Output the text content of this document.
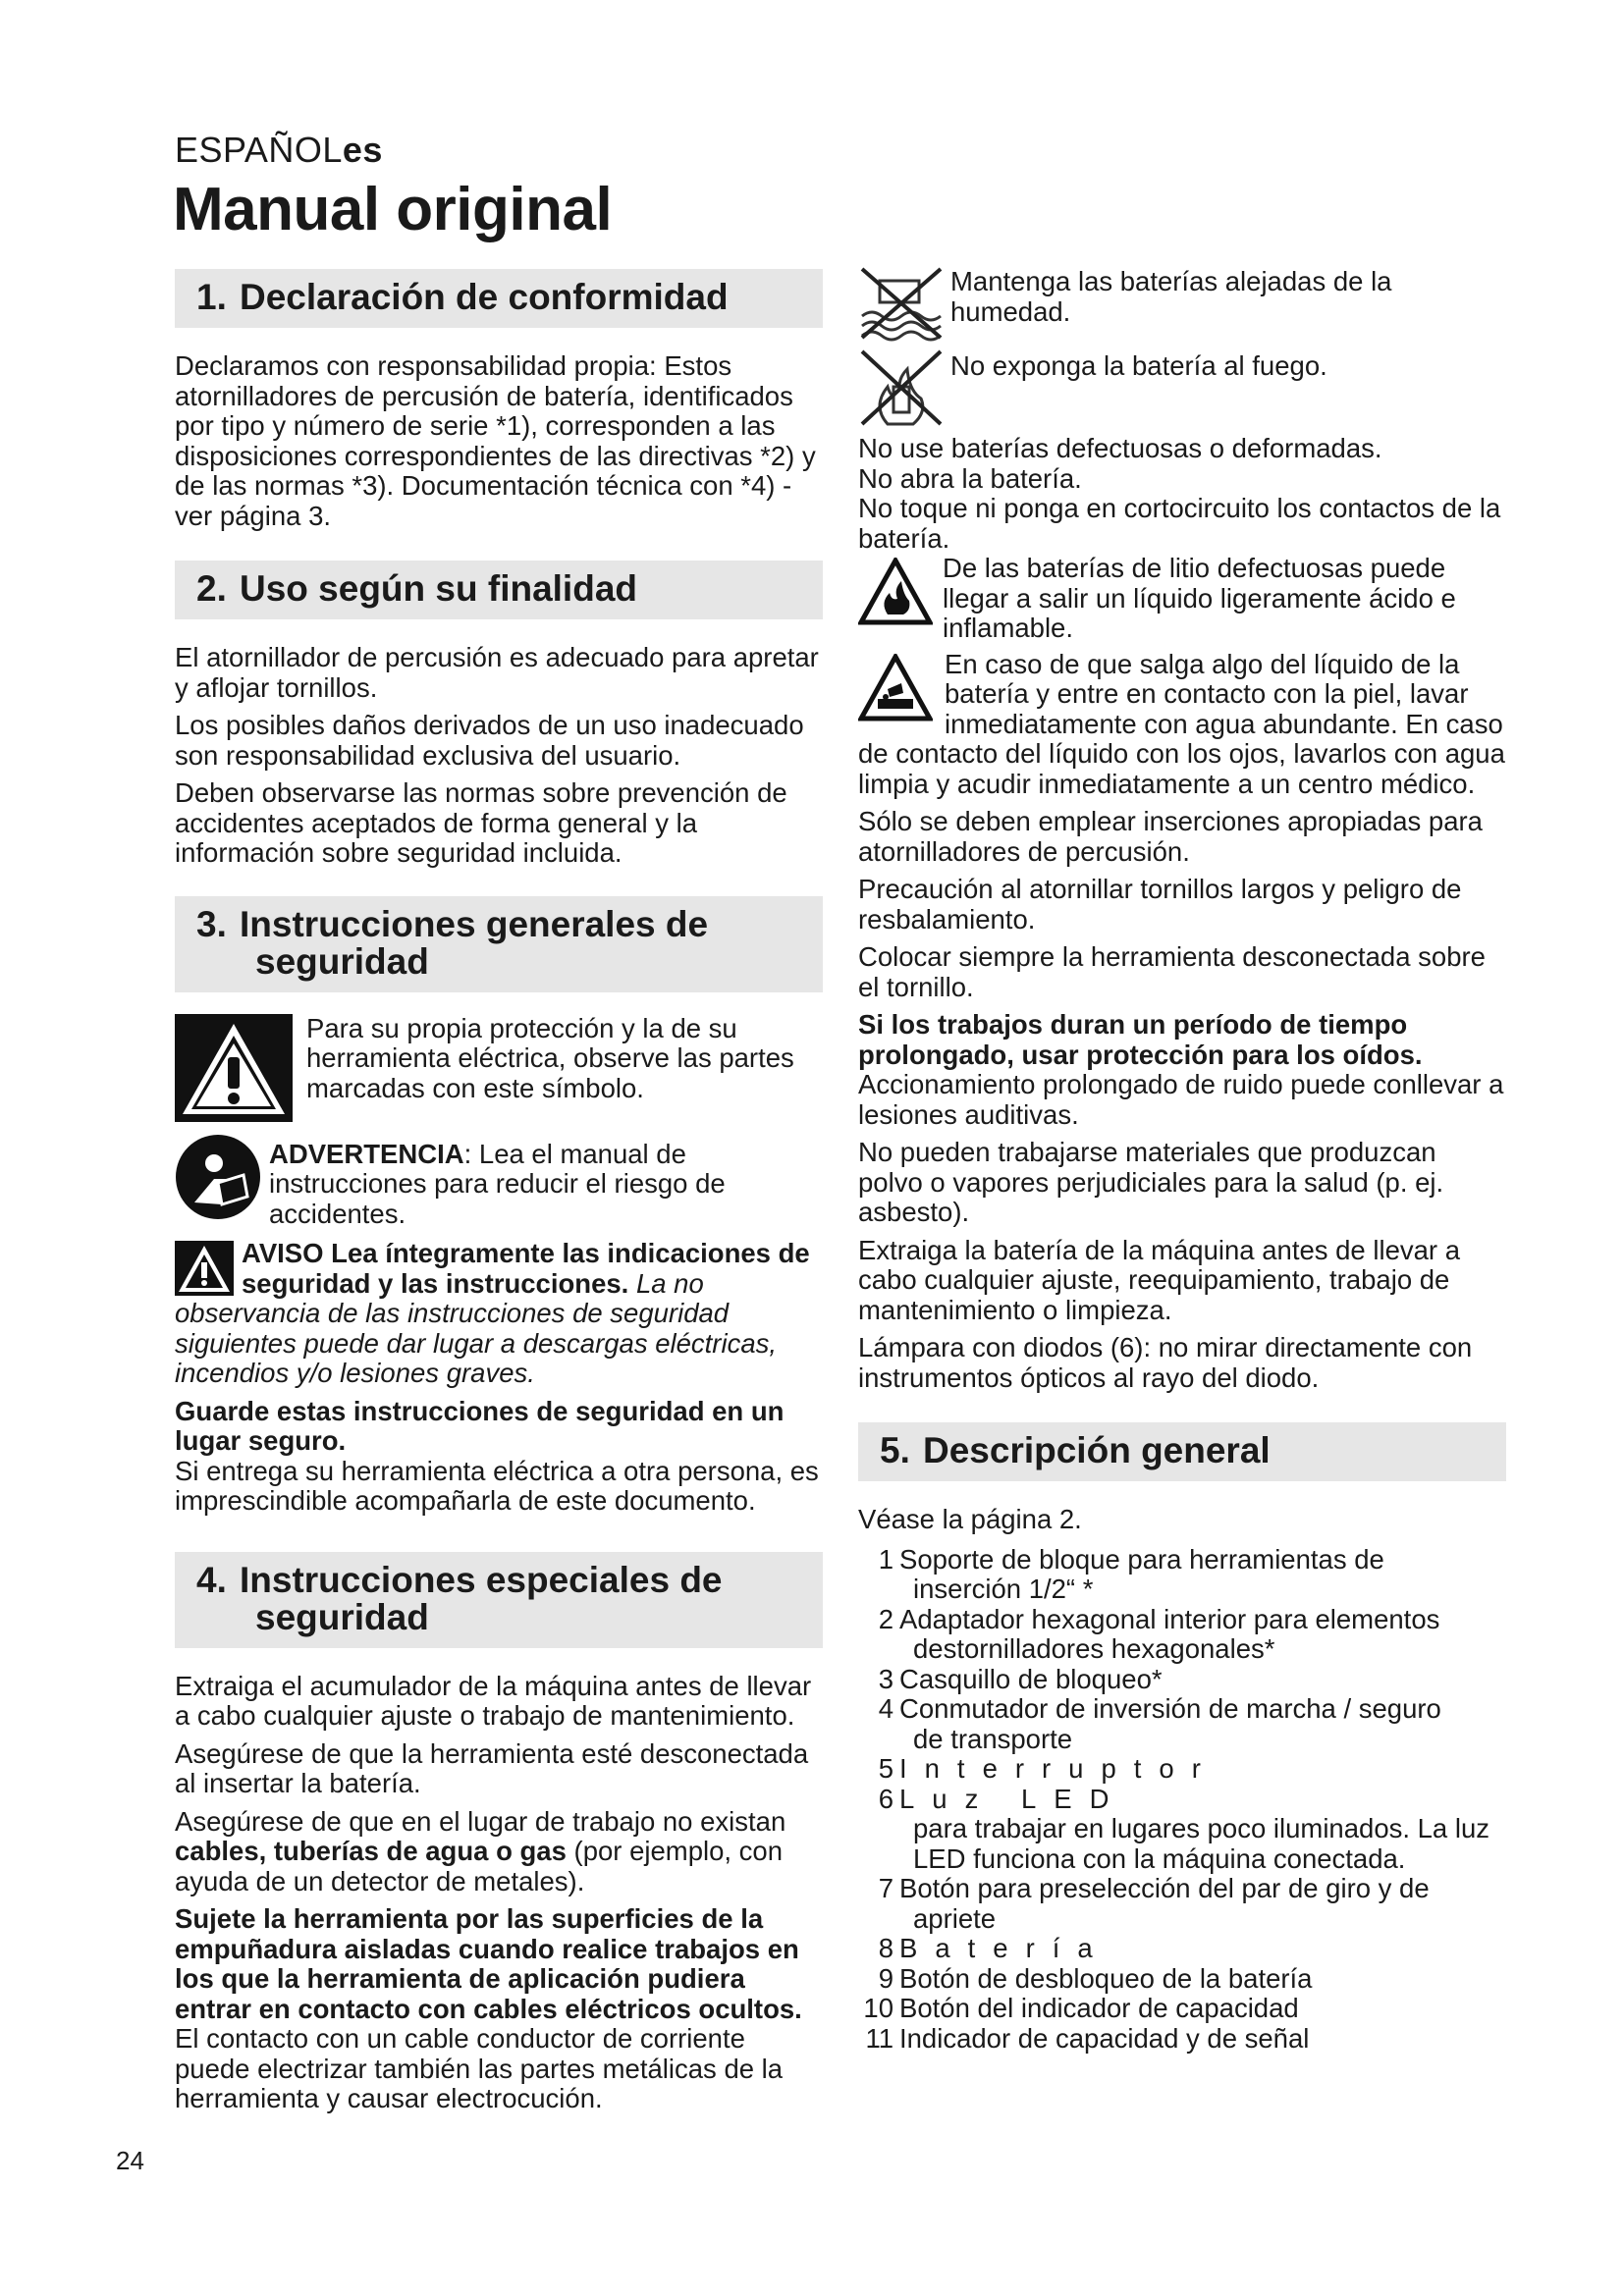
ESPAÑOLes
Manual original
1. Declaración de conformidad

Declaramos con responsabilidad propia: Estos atornilladores de percusión de batería, identificados por tipo y número de serie *1), corresponden a las disposiciones correspondientes de las directivas *2) y de las normas *3). Documentación técnica con *4) - ver página 3.

2. Uso según su finalidad

El atornillador de percusión es adecuado para apretar y aflojar tornillos.

Los posibles daños derivados de un uso inadecuado son responsabilidad exclusiva del usuario.

Deben observarse las normas sobre prevención de accidentes aceptados de forma general y la información sobre seguridad incluida.

3. Instrucciones generales de
seguridad
Para su propia protección y la de su herramienta eléctrica, observe las partes marcadas con este símbolo.
ADVERTENCIA: Lea el manual de instrucciones para reducir el riesgo de accidentes.
AVISO Lea íntegramente las indicaciones de seguridad y las instrucciones. La no observancia de las instrucciones de seguridad siguientes puede dar lugar a descargas eléctricas, incendios y/o lesiones graves.

Guarde estas instrucciones de seguridad en un lugar seguro.
Si entrega su herramienta eléctrica a otra persona, es imprescindible acompañarla de este documento.

4. Instrucciones especiales de
seguridad

Extraiga el acumulador de la máquina antes de llevar a cabo cualquier ajuste o trabajo de mantenimiento.

Asegúrese de que la herramienta esté desconectada al insertar la batería.

Asegúrese de que en el lugar de trabajo no existan cables, tuberías de agua o gas (por ejemplo, con ayuda de un detector de metales).

Sujete la herramienta por las superficies de la empuñadura aisladas cuando realice trabajos en los que la herramienta de aplicación pudiera entrar en contacto con cables eléctricos ocultos. El contacto con un cable conductor de corriente puede electrizar también las partes metálicas de la herramienta y causar electrocución.

Mantenga las baterías alejadas de la humedad.
No exponga la batería al fuego.

No use baterías defectuosas o deformadas.

No abra la batería.

No toque ni ponga en cortocircuito los contactos de la batería.

De las baterías de litio defectuosas puede llegar a salir un líquido ligeramente ácido e inflamable.
En caso de que salga algo del líquido de la batería y entre en contacto con la piel, lavar inmediatamente con agua abundante. En caso de contacto del líquido con los ojos, lavarlos con agua limpia y acudir inmediatamente a un centro médico.

Sólo se deben emplear inserciones apropiadas para atornilladores de percusión.

Precaución al atornillar tornillos largos y peligro de resbalamiento.

Colocar siempre la herramienta desconectada sobre el tornillo.

Si los trabajos duran un período de tiempo prolongado, usar protección para los oídos.
Accionamiento prolongado de ruido puede conllevar a lesiones auditivas.

No pueden trabajarse materiales que produzcan polvo o vapores perjudiciales para la salud (p. ej. asbesto).

Extraiga la batería de la máquina antes de llevar a cabo cualquier ajuste, reequipamiento, trabajo de mantenimiento o limpieza.

Lámpara con diodos (6): no mirar directamente con instrumentos ópticos al rayo del diodo.

5. Descripción general

Véase la página 2.

1 Soporte de bloque para herramientas de
inserción 1/2“ *
2 Adaptador hexagonal interior para elementos
destornilladores hexagonales*
3 Casquillo de bloqueo*
4 Conmutador de inversión de marcha / seguro
de transporte
5 Interruptor
6 Luz LED
para trabajar en lugares poco iluminados. La luz LED funciona con la máquina conectada.
7 Botón para preselección del par de giro y de
apriete
8 Batería
9 Botón de desbloqueo de la batería
10 Botón del indicador de capacidad
11 Indicador de capacidad y de señal
24
